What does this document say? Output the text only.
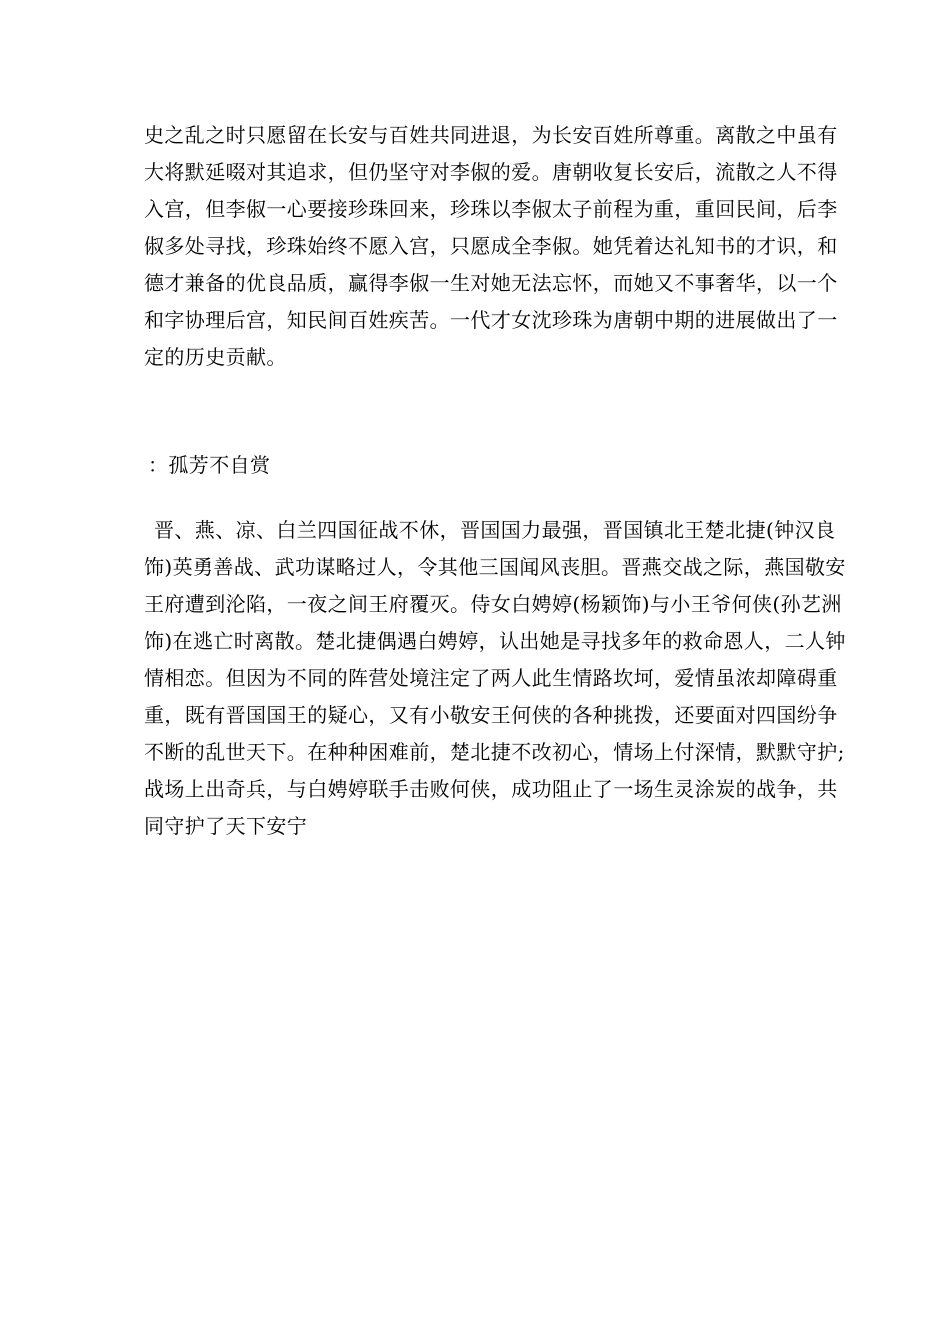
史之乱之时只愿留在长安与百姓共同进退，为长安百姓所尊重。离散之中虽有
大将默延啜对其追求，但仍坚守对李俶的爱。唐朝收复长安后，流散之人不得
入宫，但李俶一心要接珍珠回来，珍珠以李俶太子前程为重，重回民间，后李
俶多处寻找，珍珠始终不愿入宫，只愿成全李俶。她凭着达礼知书的才识，和
德才兼备的优良品质，赢得李俶一生对她无法忘怀，而她又不事奢华，以一个
和字协理后宫，知民间百姓疾苦。一代才女沈珍珠为唐朝中期的进展做出了一
定的历史贡献。
：孤芳不自赏
晋、燕、凉、白兰四国征战不休，晋国国力最强，晋国镇北王楚北捷(钟汉良
饰)英勇善战、武功谋略过人，令其他三国闻风丧胆。晋燕交战之际，燕国敬安
王府遭到沦陷，一夜之间王府覆灭。侍女白娉婷(杨颖饰)与小王爷何侠(孙艺洲
饰)在逃亡时离散。楚北捷偶遇白娉婷，认出她是寻找多年的救命恩人，二人钟
情相恋。但因为不同的阵营处境注定了两人此生情路坎坷，爱情虽浓却障碍重
重，既有晋国国王的疑心，又有小敬安王何侠的各种挑拨，还要面对四国纷争
不断的乱世天下。在种种困难前，楚北捷不改初心，情场上付深情，默默守护;
战场上出奇兵，与白娉婷联手击败何侠，成功阻止了一场生灵涂炭的战争，共
同守护了天下安宁
